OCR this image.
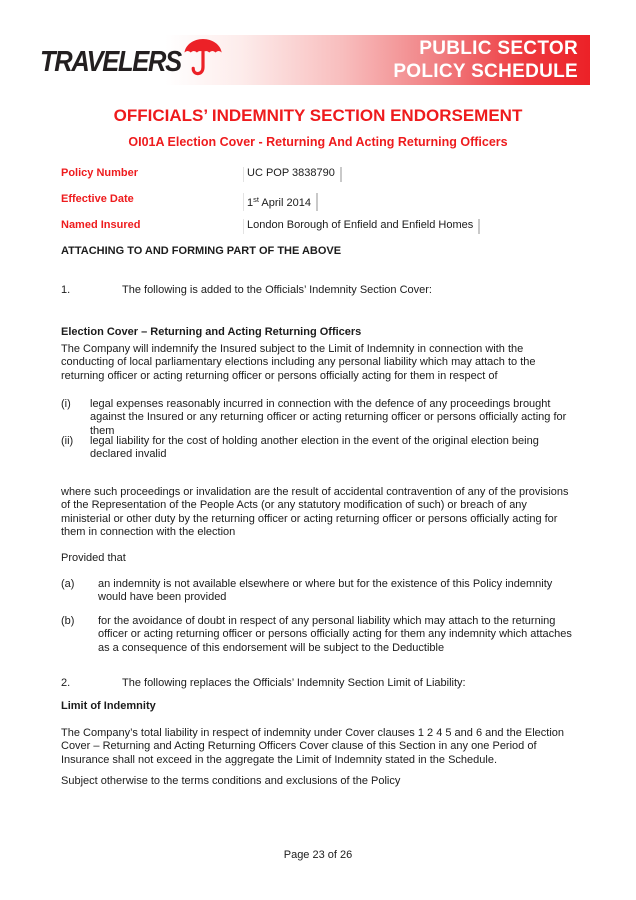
PUBLIC SECTOR
POLICY SCHEDULE

TRAVELERS

OFFICIALS’ INDEMNITY SECTION ENDORSEMENT
OI01A Election Cover - Returning And Acting Returning Officers
Policy Number	UC POP 3838790
Effective Date	1st April 2014
Named Insured	London Borough of Enfield and Enfield Homes

ATTACHING TO AND FORMING PART OF THE ABOVE

1.	The following is added to the Officials’ Indemnity Section Cover:

Election Cover – Returning and Acting Returning Officers

The Company will indemnify the Insured subject to the Limit of Indemnity in connection with the conducting of local parliamentary elections including any personal liability which may attach to the returning officer or acting returning officer or persons officially acting for them in respect of

(i)	legal expenses reasonably incurred in connection with the defence of any proceedings brought against the Insured or any returning officer or acting returning officer or persons officially acting for them
(ii)	legal liability for the cost of holding another election in the event of the original election being declared invalid

where such proceedings or invalidation are the result of accidental contravention of any of the provisions of the Representation of the People Acts (or any statutory modification of such) or breach of any ministerial or other duty by the returning officer or acting returning officer or persons officially acting for them in connection with the election

Provided that

(a)	an indemnity is not available elsewhere or where but for the existence of this Policy indemnity would have been provided
(b)	for the avoidance of doubt in respect of any personal liability which may attach to the returning officer or acting returning officer or persons officially acting for them any indemnity which attaches as a consequence of this endorsement will be subject to the Deductible
2.	The following replaces the Officials’ Indemnity Section Limit of Liability:

Limit of Indemnity

The Company’s total liability in respect of indemnity under Cover clauses 1 2 4 5 and 6 and the Election Cover – Returning and Acting Returning Officers Cover clause of this Section in any one Period of Insurance shall not exceed in the aggregate the Limit of Indemnity stated in the Schedule.

Subject otherwise to the terms conditions and exclusions of the Policy

Page 23 of 26
